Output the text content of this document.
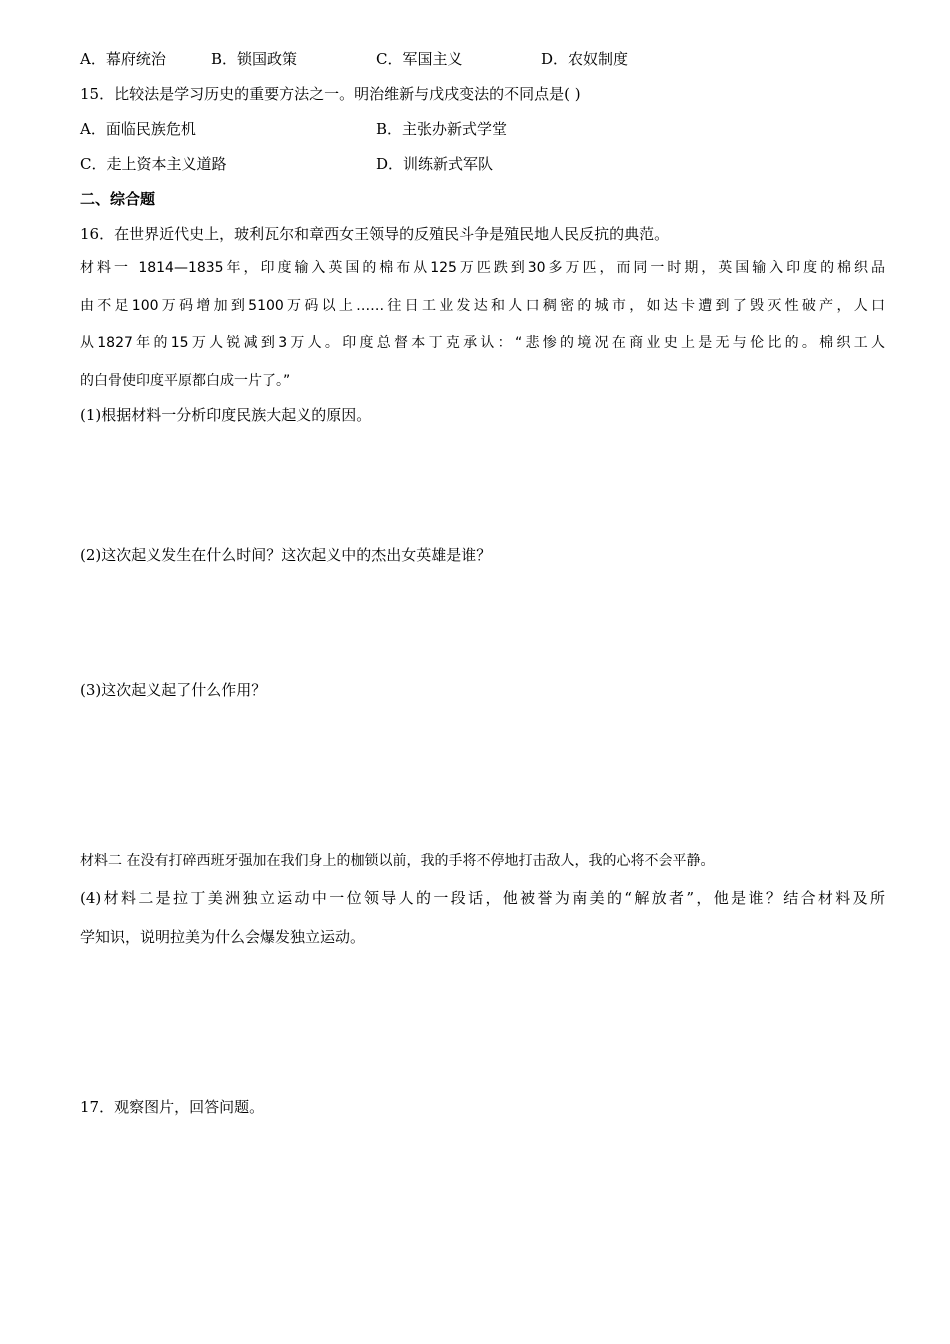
A．幕府统治	B．锁国政策	C．军国主义	D．农奴制度
15．比较法是学习历史的重要方法之一。明治维新与戊戌变法的不同点是( )
A．面临民族危机	B．主张办新式学堂
C．走上资本主义道路	D．训练新式军队
二、综合题
16．在世界近代史上，玻利瓦尔和章西女王领导的反殖民斗争是殖民地人民反抗的典范。
材料一 1814—1835年，印度输入英国的棉布从125万匹跌到30多万匹，而同一时期，英国输入印度的棉织品
由不足100万码增加到5100万码以上……往日工业发达和人口稠密的城市，如达卡遭到了毁灭性破产，人口
从1827年的15万人锐减到3万人。印度总督本丁克承认：“悲惨的境况在商业史上是无与伦比的。棉织工人
的白骨使印度平原都白成一片了。”
(1)根据材料一分析印度民族大起义的原因。
(2)这次起义发生在什么时间？这次起义中的杰出女英雄是谁？
(3)这次起义起了什么作用？
材料二 在没有打碎西班牙强加在我们身上的枷锁以前，我的手将不停地打击敌人，我的心将不会平静。
(4)材料二是拉丁美洲独立运动中一位领导人的一段话，他被誉为南美的“解放者”，他是谁？结合材料及所
学知识，说明拉美为什么会爆发独立运动。
17．观察图片，回答问题。
